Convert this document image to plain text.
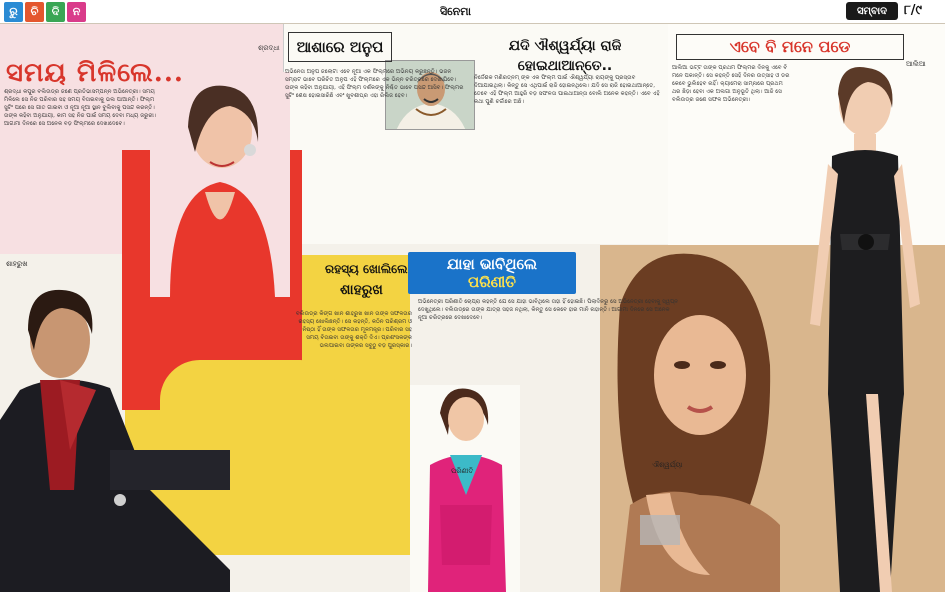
ରୁ	ଚି	ଦି	ନ	ସିନେମା	ସମ୍ବାଦ	୮/୯
ସମୟ ମିଳିଲେ...
ଶ୍ରଦ୍ଧା ଆଶାରେ ଅନୁପ	ଯଦି ଐଶ୍ୱର୍ଯ୍ୟା ରାଜି ହୋଇଥାଆନ୍ତେ..
ଏବେ ବି ମନେ ପଡେ
ଆଲିଆ
ରହସ୍ୟ ଖୋଲିଲେ
ଶାହରୁଖ
ଯାହା ଭାବିଥିଲେ
ପରିଣୀତି
ଶାହରୁଖ
ପରିଣୀତି
ଐଶ୍ୱର୍ଯ୍ୟା

ଶ୍ରଦ୍ଧା କପୁର ବଲିଉଡ୍‌ର ଜଣେ ପ୍ରତିଭାସମ୍ପନ୍ନ ଅଭିନେତ୍ରୀ। ସମୟ ମିଳିଲେ ସେ ନିଜ ପରିବାର ସହ ସମୟ ବିତାଇବାକୁ ଭଲ ପାଆନ୍ତି। ଫିଲ୍ମ ସୁଟିଂ ପରେ ସେ ଗୀତ ଗାଇବା ଓ ନୂଆ ନୂଆ ସ୍ଥାନ ବୁଲିବାକୁ ପସନ୍ଦ କରନ୍ତି। ତାଙ୍କ କହିବା ଅନୁଯାୟୀ, କାମ ସହ ନିଜ ପାଇଁ ସମୟ ଦେବା ମଧ୍ୟ ଜରୁରୀ। ଆଗାମୀ ଦିନରେ ସେ ଅନେକ ବଡ଼ ଫିଲ୍ମରେ ଦେଖାଦେବେ।

ଅଭିନେତା ଅନୁପ ଜଲୋଟା ଏବେ ନୂଆ ଏକ ଫିଲ୍ମରେ ଅଭିନୟ କରୁଛନ୍ତି। ଭଜନ ସମ୍ରାଟ ଭାବେ ପରିଚିତ ଅନୁପ ଏହି ଫିଲ୍ମରେ ଏକ ଭିନ୍ନ ଚରିତ୍ରରେ ଦେଖାଯିବେ। ତାଙ୍କ କହିବା ଅନୁଯାୟୀ, ଏହି ଫିଲ୍ମ ଦର୍ଶକଙ୍କୁ ନିଶ୍ଚିତ ଭାବେ ପସନ୍ଦ ଆସିବ। ଫିଲ୍ମର ସୁଟିଂ ଶେଷ ହୋଇସାରିଛି ଏବଂ ଖୁବଶୀଘ୍ର ଏହା ରିଲିଜ ହେବ।

ନିର୍ଦ୍ଦେଶକ ମଣିରତ୍ନମ୍ ଙ୍କ ଏକ ଫିଲ୍ମ ପାଇଁ ଐଶ୍ୱର୍ଯ୍ୟା ରାୟଙ୍କୁ ପ୍ରସ୍ତାବ ଦିଆଯାଇଥିଲା। କିନ୍ତୁ ସେ ଏଥିପାଇଁ ରାଜି ହୋଇନଥିଲେ। ଯଦି ସେ ରାଜି ହୋଇଥାଆନ୍ତେ, ତେବେ ଏହି ଫିଲ୍ମ ଆହୁରି ବଡ଼ ସଫଳତା ପାଇଥାଆନ୍ତା ବୋଲି ଅନେକ କହନ୍ତି। ଏବେ ଏହି କଥା ପୁଣି ଚର୍ଚ୍ଚାରେ ଅଛି।

ଆଲିଆ ଭଟ୍ଟ ତାଙ୍କ ପ୍ରଥମ ଫିଲ୍ମର ଦିନକୁ ଏବେ ବି ମନେ ପକାନ୍ତି। ସେ କହନ୍ତି ସେହି ଦିନର ଉତ୍ସାହ ଓ ଡର କେବେ ଭୁଲିହେବ ନାହିଁ। କ୍ୟାମେରା ସାମ୍ନାରେ ପ୍ରଥମ ଥର ଛିଡ଼ା ହେବା ଏକ ଅଲଗା ଅନୁଭୂତି ଥିଲା। ଆଜି ସେ ବଲିଉଡ୍‌ର ଜଣେ ସଫଳ ଅଭିନେତ୍ରୀ।

ବଲିଉଡ୍‌ର କିଙ୍ଗ ଖାନ ଶାହରୁଖ ଖାନ ତାଙ୍କ ସଫଳତାର ରହସ୍ୟ ଖୋଲିଛନ୍ତି। ସେ କହନ୍ତି, କଠିନ ପରିଶ୍ରମ ଓ ନିଷ୍ଠା ହିଁ ତାଙ୍କ ସଫଳତାର ମୂଳମନ୍ତ୍ର। ପରିବାର ସହ ସମୟ ବିତାଇବା ତାଙ୍କୁ ଶକ୍ତି ଦିଏ। ପ୍ରଶଂସକଙ୍କ ଭଲପାଇବା ତାଙ୍କର ସବୁଠୁ ବଡ଼ ପୁରସ୍କାର।

ଅଭିନେତ୍ରୀ ପରିଣୀତି ଚୋପ୍ରା କହନ୍ତି ଯେ ସେ ଯାହା ଭାବିଥିଲେ ତାହା ହିଁ ହୋଇଛି। ପିଲାଦିନରୁ ସେ ଅଭିନେତ୍ରୀ ହେବାକୁ ସ୍ୱପ୍ନ ଦେଖୁଥିଲେ। ବଲିଉଡ୍‌ରେ ତାଙ୍କ ଯାତ୍ରା ସହଜ ନଥିଲା, କିନ୍ତୁ ସେ କେବେ ହାର ମାନି ନାହାନ୍ତି। ଆଗାମୀ ଦିନରେ ସେ ଅନେକ ନୂଆ ଚରିତ୍ରରେ ଦେଖାଦେବେ।
